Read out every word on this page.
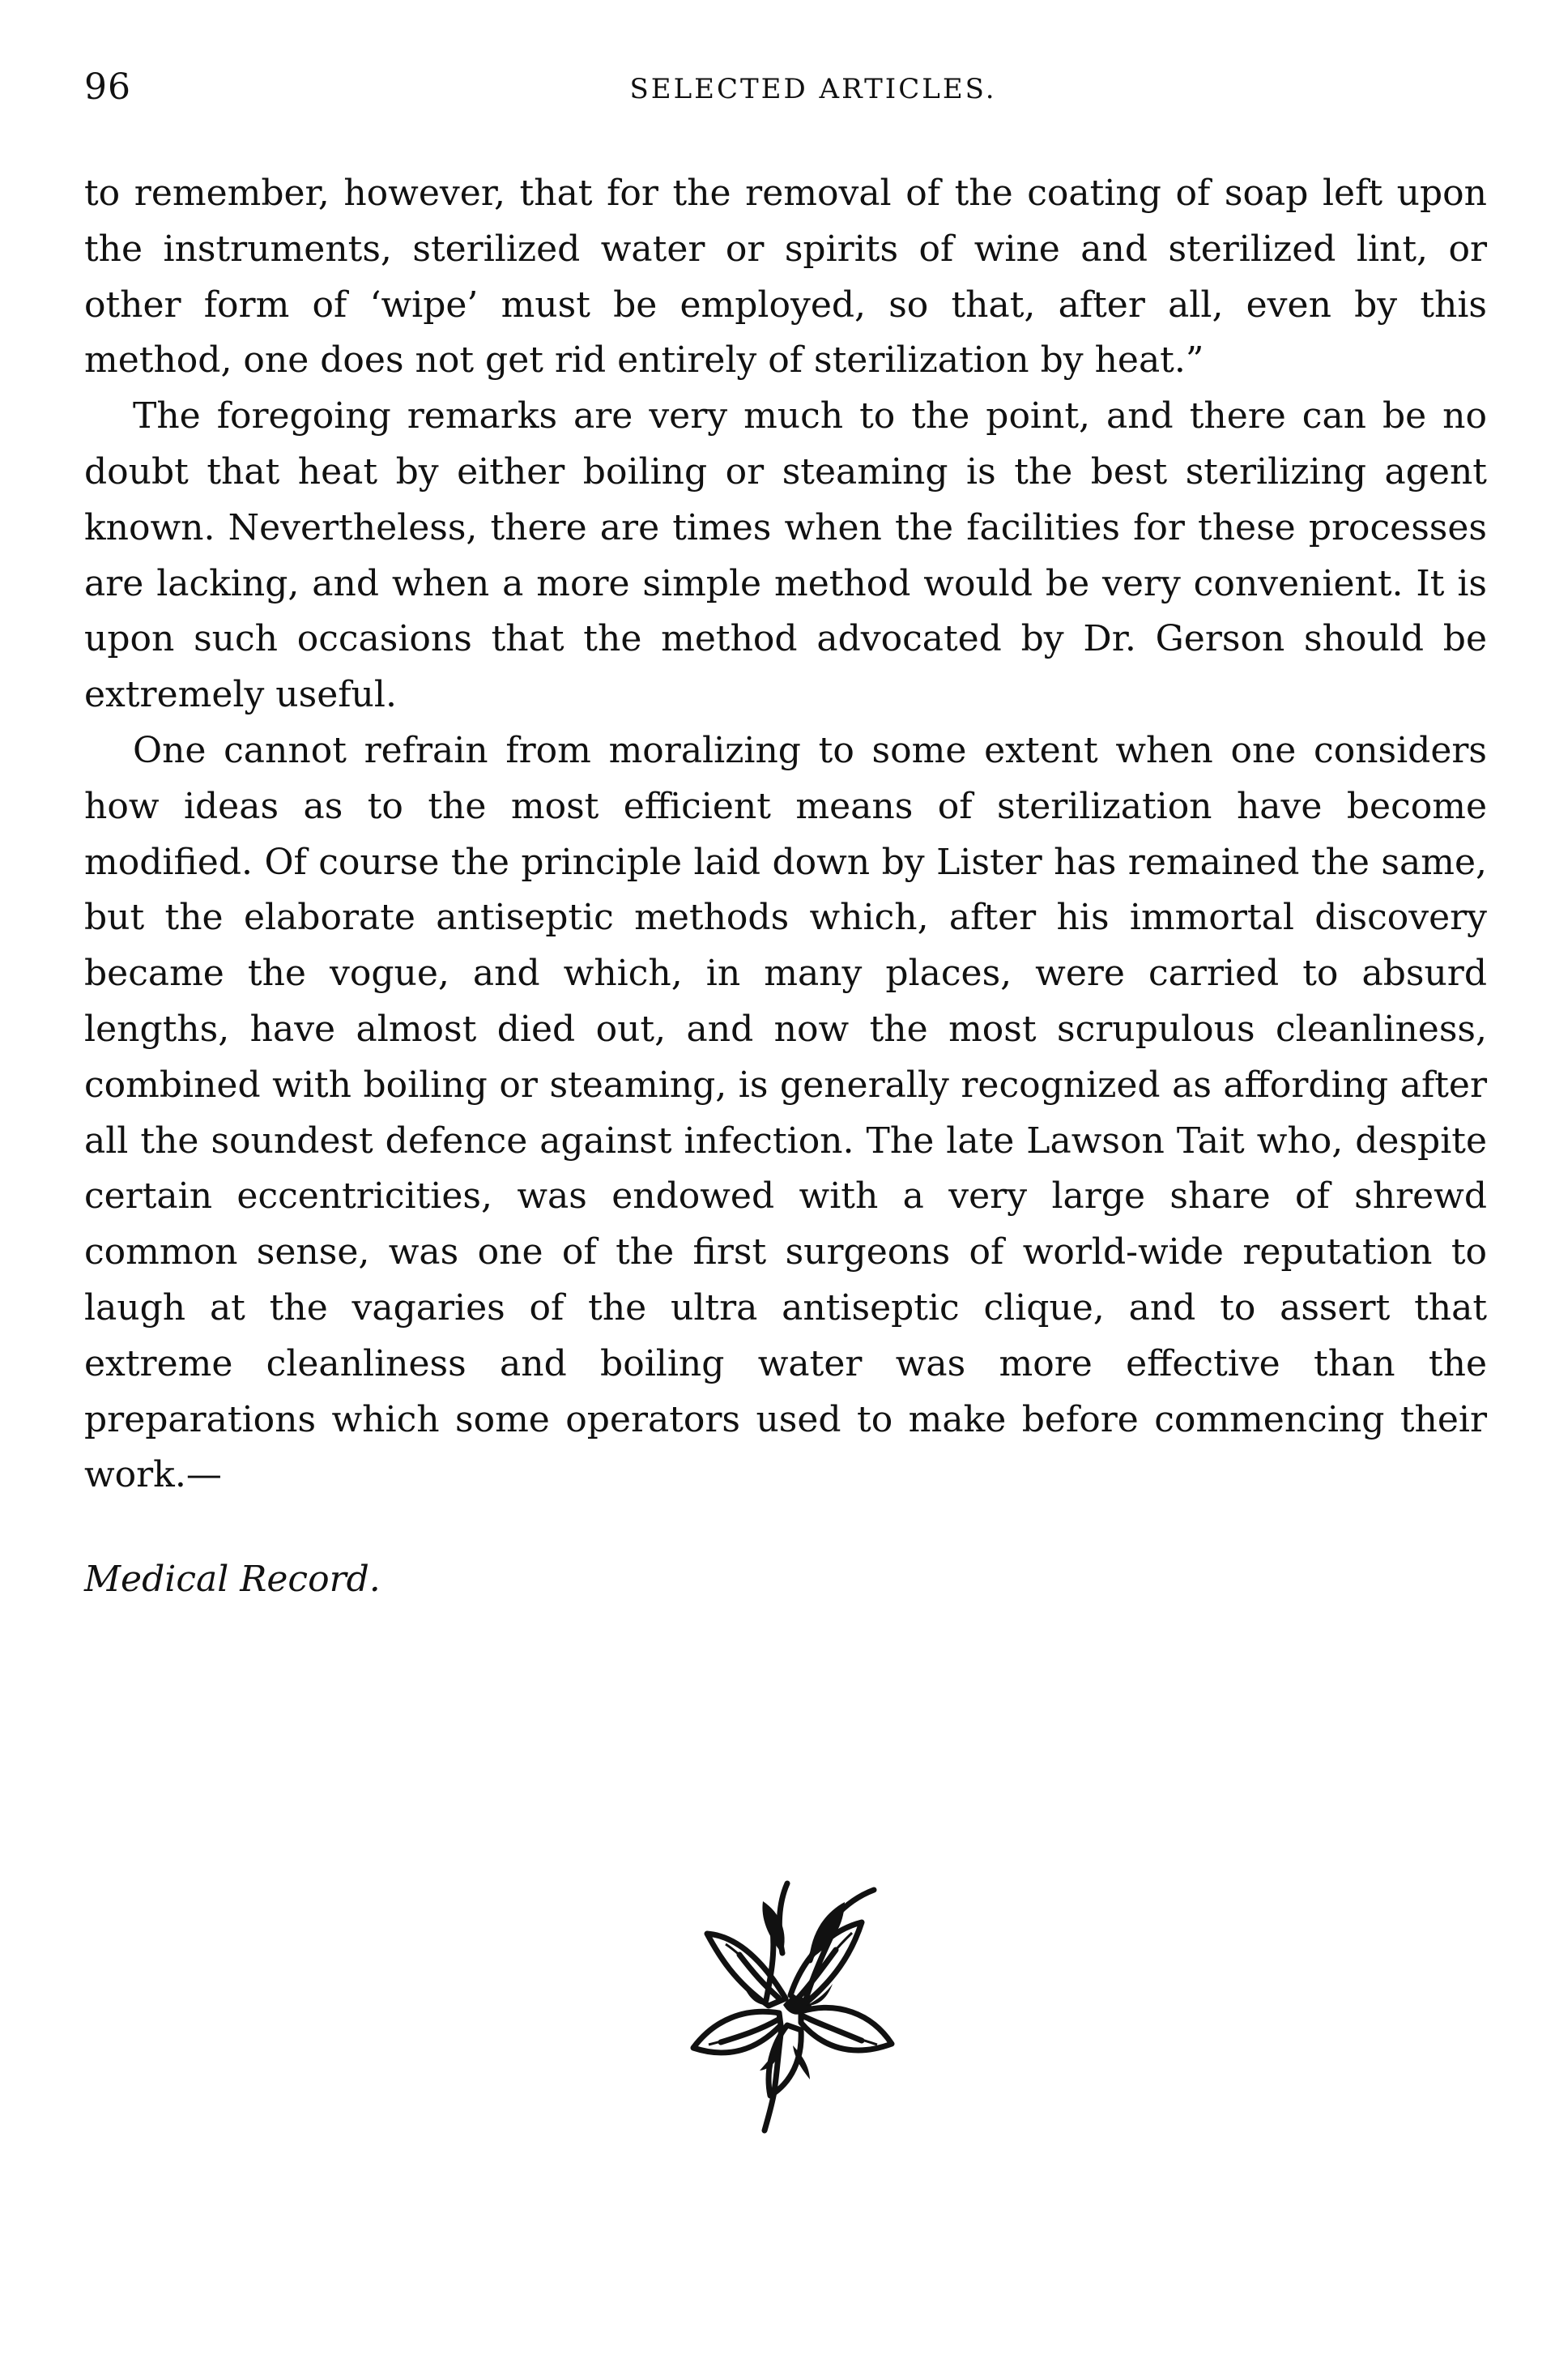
96	SELECTED ARTICLES.

to remember, however, that for the removal of the coating of soap left upon the instruments, sterilized water or spirits of wine and sterilized lint, or other form of ‘wipe’ must be employed, so that, after all, even by this method, one does not get rid entirely of sterilization by heat.”

The foregoing remarks are very much to the point, and there can be no doubt that heat by either boiling or steaming is the best sterilizing agent known. Nevertheless, there are times when the facilities for these processes are lacking, and when a more simple method would be very convenient. It is upon such occasions that the method advocated by Dr. Gerson should be extremely useful.

One cannot refrain from moralizing to some extent when one considers how ideas as to the most efficient means of sterilization have become modified. Of course the principle laid down by Lister has remained the same, but the elaborate antiseptic methods which, after his immortal discovery became the vogue, and which, in many places, were carried to absurd lengths, have almost died out, and now the most scrupulous cleanliness, combined with boiling or steaming, is generally recognized as affording after all the soundest defence against infection. The late Lawson Tait who, despite certain eccentricities, was endowed with a very large share of shrewd common sense, was one of the first surgeons of world-wide reputation to laugh at the vagaries of the ultra antiseptic clique, and to assert that extreme cleanliness and boiling water was more effective than the preparations which some operators used to make before commencing their work.—

Medical Record.
